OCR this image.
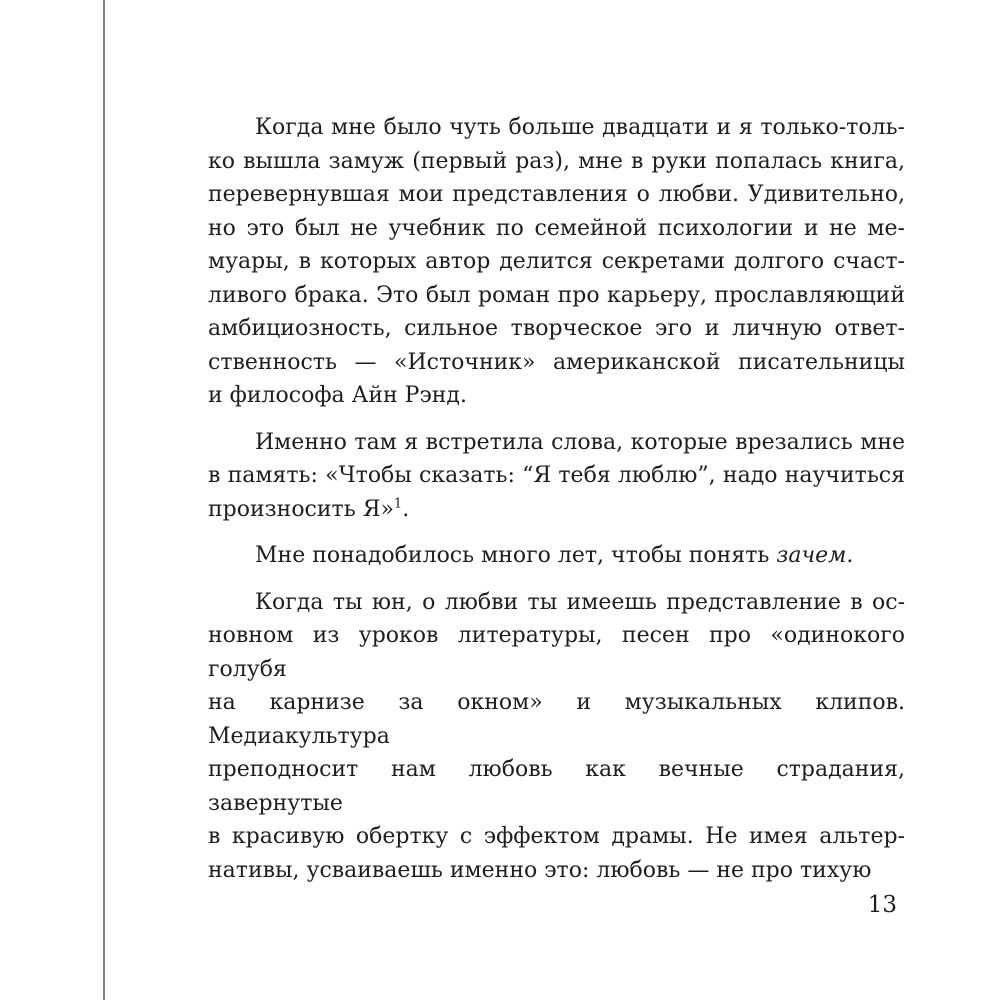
Когда мне было чуть больше двадцати и я только-толь-
ко вышла замуж (первый раз), мне в руки попалась книга,
перевернувшая мои представления о любви. Удивительно,
но это был не учебник по семейной психологии и не ме-
муары, в которых автор делится секретами долгого счаст-
ливого брака. Это был роман про карьеру, прославляющий
амбициозность, сильное творческое эго и личную ответ-
ственность — «Источник» американской писательницы
и философа Айн Рэнд.
Именно там я встретила слова, которые врезались мне
в память: «Чтобы сказать: “Я тебя люблю”, надо научиться
произносить Я»$^1$.
Мне понадобилось много лет, чтобы понять зачем.
Когда ты юн, о любви ты имеешь представление в ос-
новном из уроков литературы, песен про «одинокого голубя
на карнизе за окном» и музыкальных клипов. Медиакультура
преподносит нам любовь как вечные страдания, завернутые
в красивую обертку с эффектом драмы. Не имея альтер-
нативы, усваиваешь именно это: любовь — не про тихую
13
